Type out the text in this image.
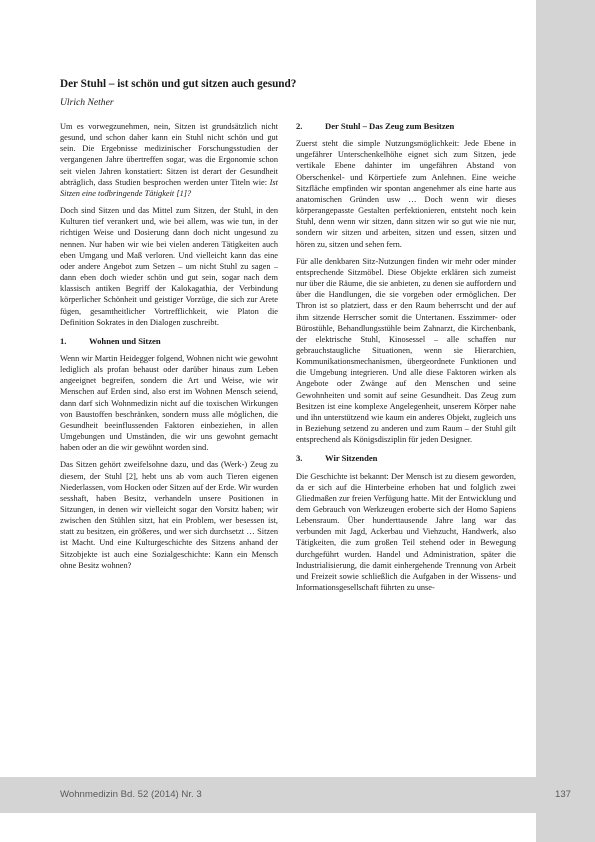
Der Stuhl – ist schön und gut sitzen auch gesund?
Ulrich Nether

Um es vorwegzunehmen, nein, Sitzen ist grundsätzlich nicht gesund, und schon daher kann ein Stuhl nicht schön und gut sein. Die Ergebnisse medizinischer Forschungsstudien der vergangenen Jahre übertreffen sogar, was die Ergonomie schon seit vielen Jahren konstatiert: Sitzen ist derart der Gesundheit abträglich, dass Studien besprochen werden unter Titeln wie: Ist Sitzen eine todbringende Tätigkeit [1]?

Doch sind Sitzen und das Mittel zum Sitzen, der Stuhl, in den Kulturen tief verankert und, wie bei allem, was wie tun, in der richtigen Weise und Dosierung dann doch nicht ungesund zu nennen. Nur haben wir wie bei vielen anderen Tätigkeiten auch eben Umgang und Maß verloren. Und vielleicht kann das eine oder andere Angebot zum Setzen – um nicht Stuhl zu sagen – dann eben doch wieder schön und gut sein, sogar nach dem klassisch antiken Begriff der Kalokagathia, der Verbindung körperlicher Schönheit und geistiger Vorzüge, die sich zur Arete fügen, gesamtheitlicher Vortrefflichkeit, wie Platon die Definition Sokrates in den Dialogen zuschreibt.

1.	Wohnen und Sitzen

Wenn wir Martin Heidegger folgend, Wohnen nicht wie gewohnt lediglich als profan behaust oder darüber hinaus zum Leben angeeignet begreifen, sondern die Art und Weise, wie wir Menschen auf Erden sind, also erst im Wohnen Mensch seiend, dann darf sich Wohnmedizin nicht auf die toxischen Wirkungen von Baustoffen beschränken, sondern muss alle möglichen, die Gesundheit beeinflussenden Faktoren einbeziehen, in allen Umgebungen und Umständen, die wir uns gewohnt gemacht haben oder an die wir gewöhnt worden sind.

Das Sitzen gehört zweifelsohne dazu, und das (Werk-) Zeug zu diesem, der Stuhl [2], hebt uns ab vom auch Tieren eigenen Niederlassen, vom Hocken oder Sitzen auf der Erde. Wir wurden sesshaft, haben Besitz, verhandeln unsere Positionen in Sitzungen, in denen wir vielleicht sogar den Vorsitz haben; wir zwischen den Stühlen sitzt, hat ein Problem, wer besessen ist, statt zu besitzen, ein größeres, und wer sich durchsetzt … Sitzen ist Macht. Und eine Kulturgeschichte des Sitzens anhand der Sitzobjekte ist auch eine Sozialgeschichte: Kann ein Mensch ohne Besitz wohnen?

2.	Der Stuhl – Das Zeug zum Besitzen

Zuerst steht die simple Nutzungsmöglichkeit: Jede Ebene in ungefährer Unterschenkelhöhe eignet sich zum Sitzen, jede vertikale Ebene dahinter im ungefähren Abstand von Oberschenkel- und Körpertiefe zum Anlehnen. Eine weiche Sitzfläche empfinden wir spontan angenehmer als eine harte aus anatomischen Gründen usw … Doch wenn wir dieses körperangepasste Gestalten perfektionieren, entsteht noch kein Stuhl, denn wenn wir sitzen, dann sitzen wir so gut wie nie nur, sondern wir sitzen und arbeiten, sitzen und essen, sitzen und hören zu, sitzen und sehen fern.

Für alle denkbaren Sitz-Nutzungen finden wir mehr oder minder entsprechende Sitzmöbel. Diese Objekte erklären sich zumeist nur über die Räume, die sie anbieten, zu denen sie auffordern und über die Handlungen, die sie vorgeben oder ermöglichen. Der Thron ist so platziert, dass er den Raum beherrscht und der auf ihm sitzende Herrscher somit die Untertanen. Esszimmer- oder Bürostühle, Behandlungsstühle beim Zahnarzt, die Kirchenbank, der elektrische Stuhl, Kinosessel – alle schaffen nur gebrauchstaugliche Situationen, wenn sie Hierarchien, Kommunikationsmechanismen, übergeordnete Funktionen und die Umgebung integrieren. Und alle diese Faktoren wirken als Angebote oder Zwänge auf den Menschen und seine Gewohnheiten und somit auf seine Gesundheit. Das Zeug zum Besitzen ist eine komplexe Angelegenheit, unserem Körper nahe und ihn unterstützend wie kaum ein anderes Objekt, zugleich uns in Beziehung setzend zu anderen und zum Raum – der Stuhl gilt entsprechend als Königsdisziplin für jeden Designer.

3.	Wir Sitzenden

Die Geschichte ist bekannt: Der Mensch ist zu diesem geworden, da er sich auf die Hinterbeine erhoben hat und folglich zwei Gliedmaßen zur freien Verfügung hatte. Mit der Entwicklung und dem Gebrauch von Werkzeugen eroberte sich der Homo Sapiens Lebensraum. Über hunderttausende Jahre lang war das verbunden mit Jagd, Ackerbau und Viehzucht, Handwerk, also Tätigkeiten, die zum großen Teil stehend oder in Bewegung durchgeführt wurden. Handel und Administration, später die Industrialisierung, die damit einhergehende Trennung von Arbeit und Freizeit sowie schließlich die Aufgaben in der Wissens- und Informationsgesellschaft führten zu unse-

Wohnmedizin Bd. 52 (2014) Nr. 3	137
